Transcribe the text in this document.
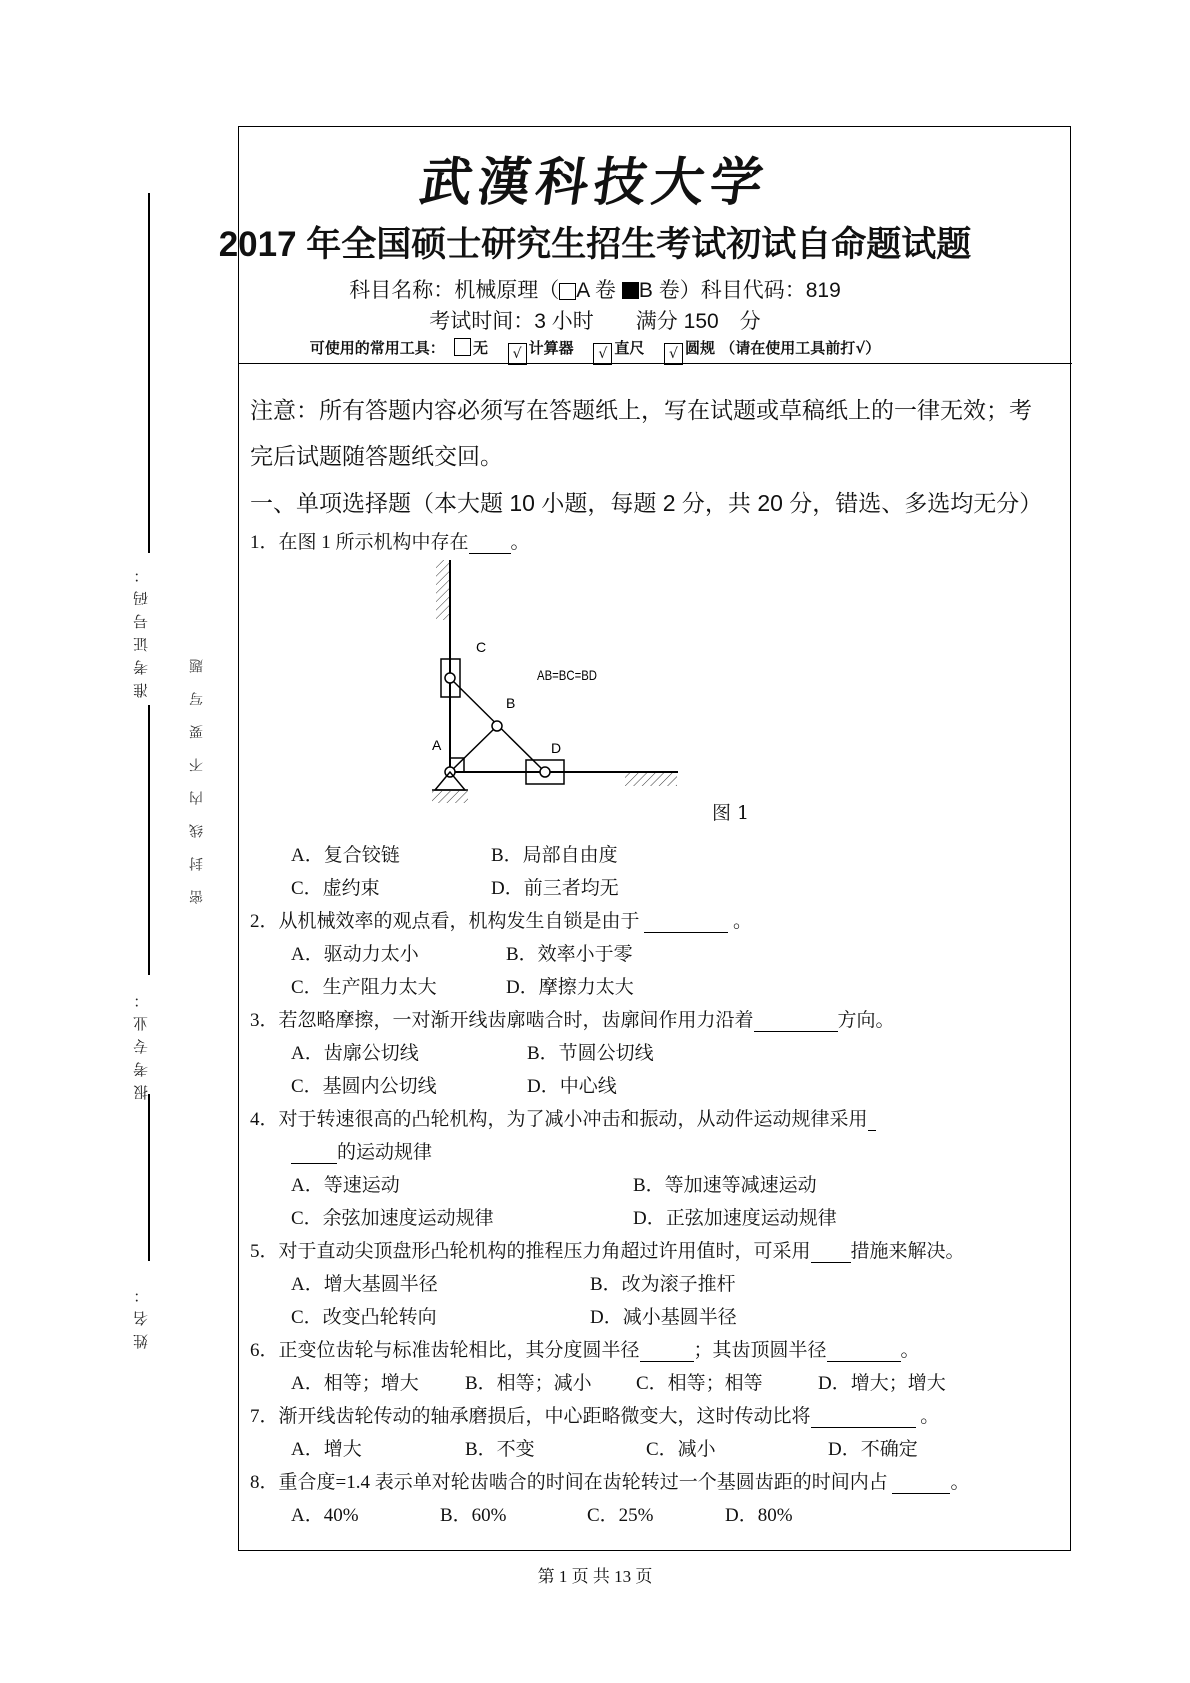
准考证号码：
报考专业：
姓名：
密封线内不要写题
武漢科技大学
2017 年全国硕士研究生招生考试初试自命题试题
科目名称：机械原理（ A 卷 B 卷）科目代码：819
考试时间：3 小时　　满分 150　分
可使用的常用工具： 无 √ 计算器 √ 直尺 √ 圆规 （请在使用工具前打√）
注意：所有答题内容必须写在答题纸上，写在试题或草稿纸上的一律无效；考
完后试题随答题纸交回。
一、单项选择题（本大题 10 小题，每题 2 分，共 20 分，错选、多选均无分）
1．在图 1 所示机构中存在 。
C
B
A	D
AB=BC=BD
图 1
A．复合铰链	B．局部自由度
C．虚约束	D．前三者均无
2．从机械效率的观点看，机构发生自锁是由于	。
A．驱动力太小	B．效率小于零
C．生产阻力太大	D．摩擦力太大
3．若忽略摩擦，一对渐开线齿廓啮合时，齿廓间作用力沿着	方向。
A．齿廓公切线	B．节圆公切线
C．基圆内公切线	D．中心线
4．对于转速很高的凸轮机构，为了减小冲击和振动，从动件运动规律采用
的运动规律
A．等速运动	B．等加速等减速运动
C．余弦加速度运动规律	D．正弦加速度运动规律
5．对于直动尖顶盘形凸轮机构的推程压力角超过许用值时，可采用 措施来解决。
A．增大基圆半径	B．改为滚子推杆
C．改变凸轮转向	D．减小基圆半径
6．正变位齿轮与标准齿轮相比，其分度圆半径	；其齿顶圆半径	。
A．相等；增大 B．相等；减小 C．相等；相等	D．增大；增大
7．渐开线齿轮传动的轴承磨损后，中心距略微变大，这时传动比将	。
A．增大	B．不变	C．减小	D．不确定
8．重合度=1.4 表示单对轮齿啮合的时间在齿轮转过一个基圆齿距的时间内占	。
A．40%	B．60%	C．25%	D．80%
第 1 页 共 13 页
